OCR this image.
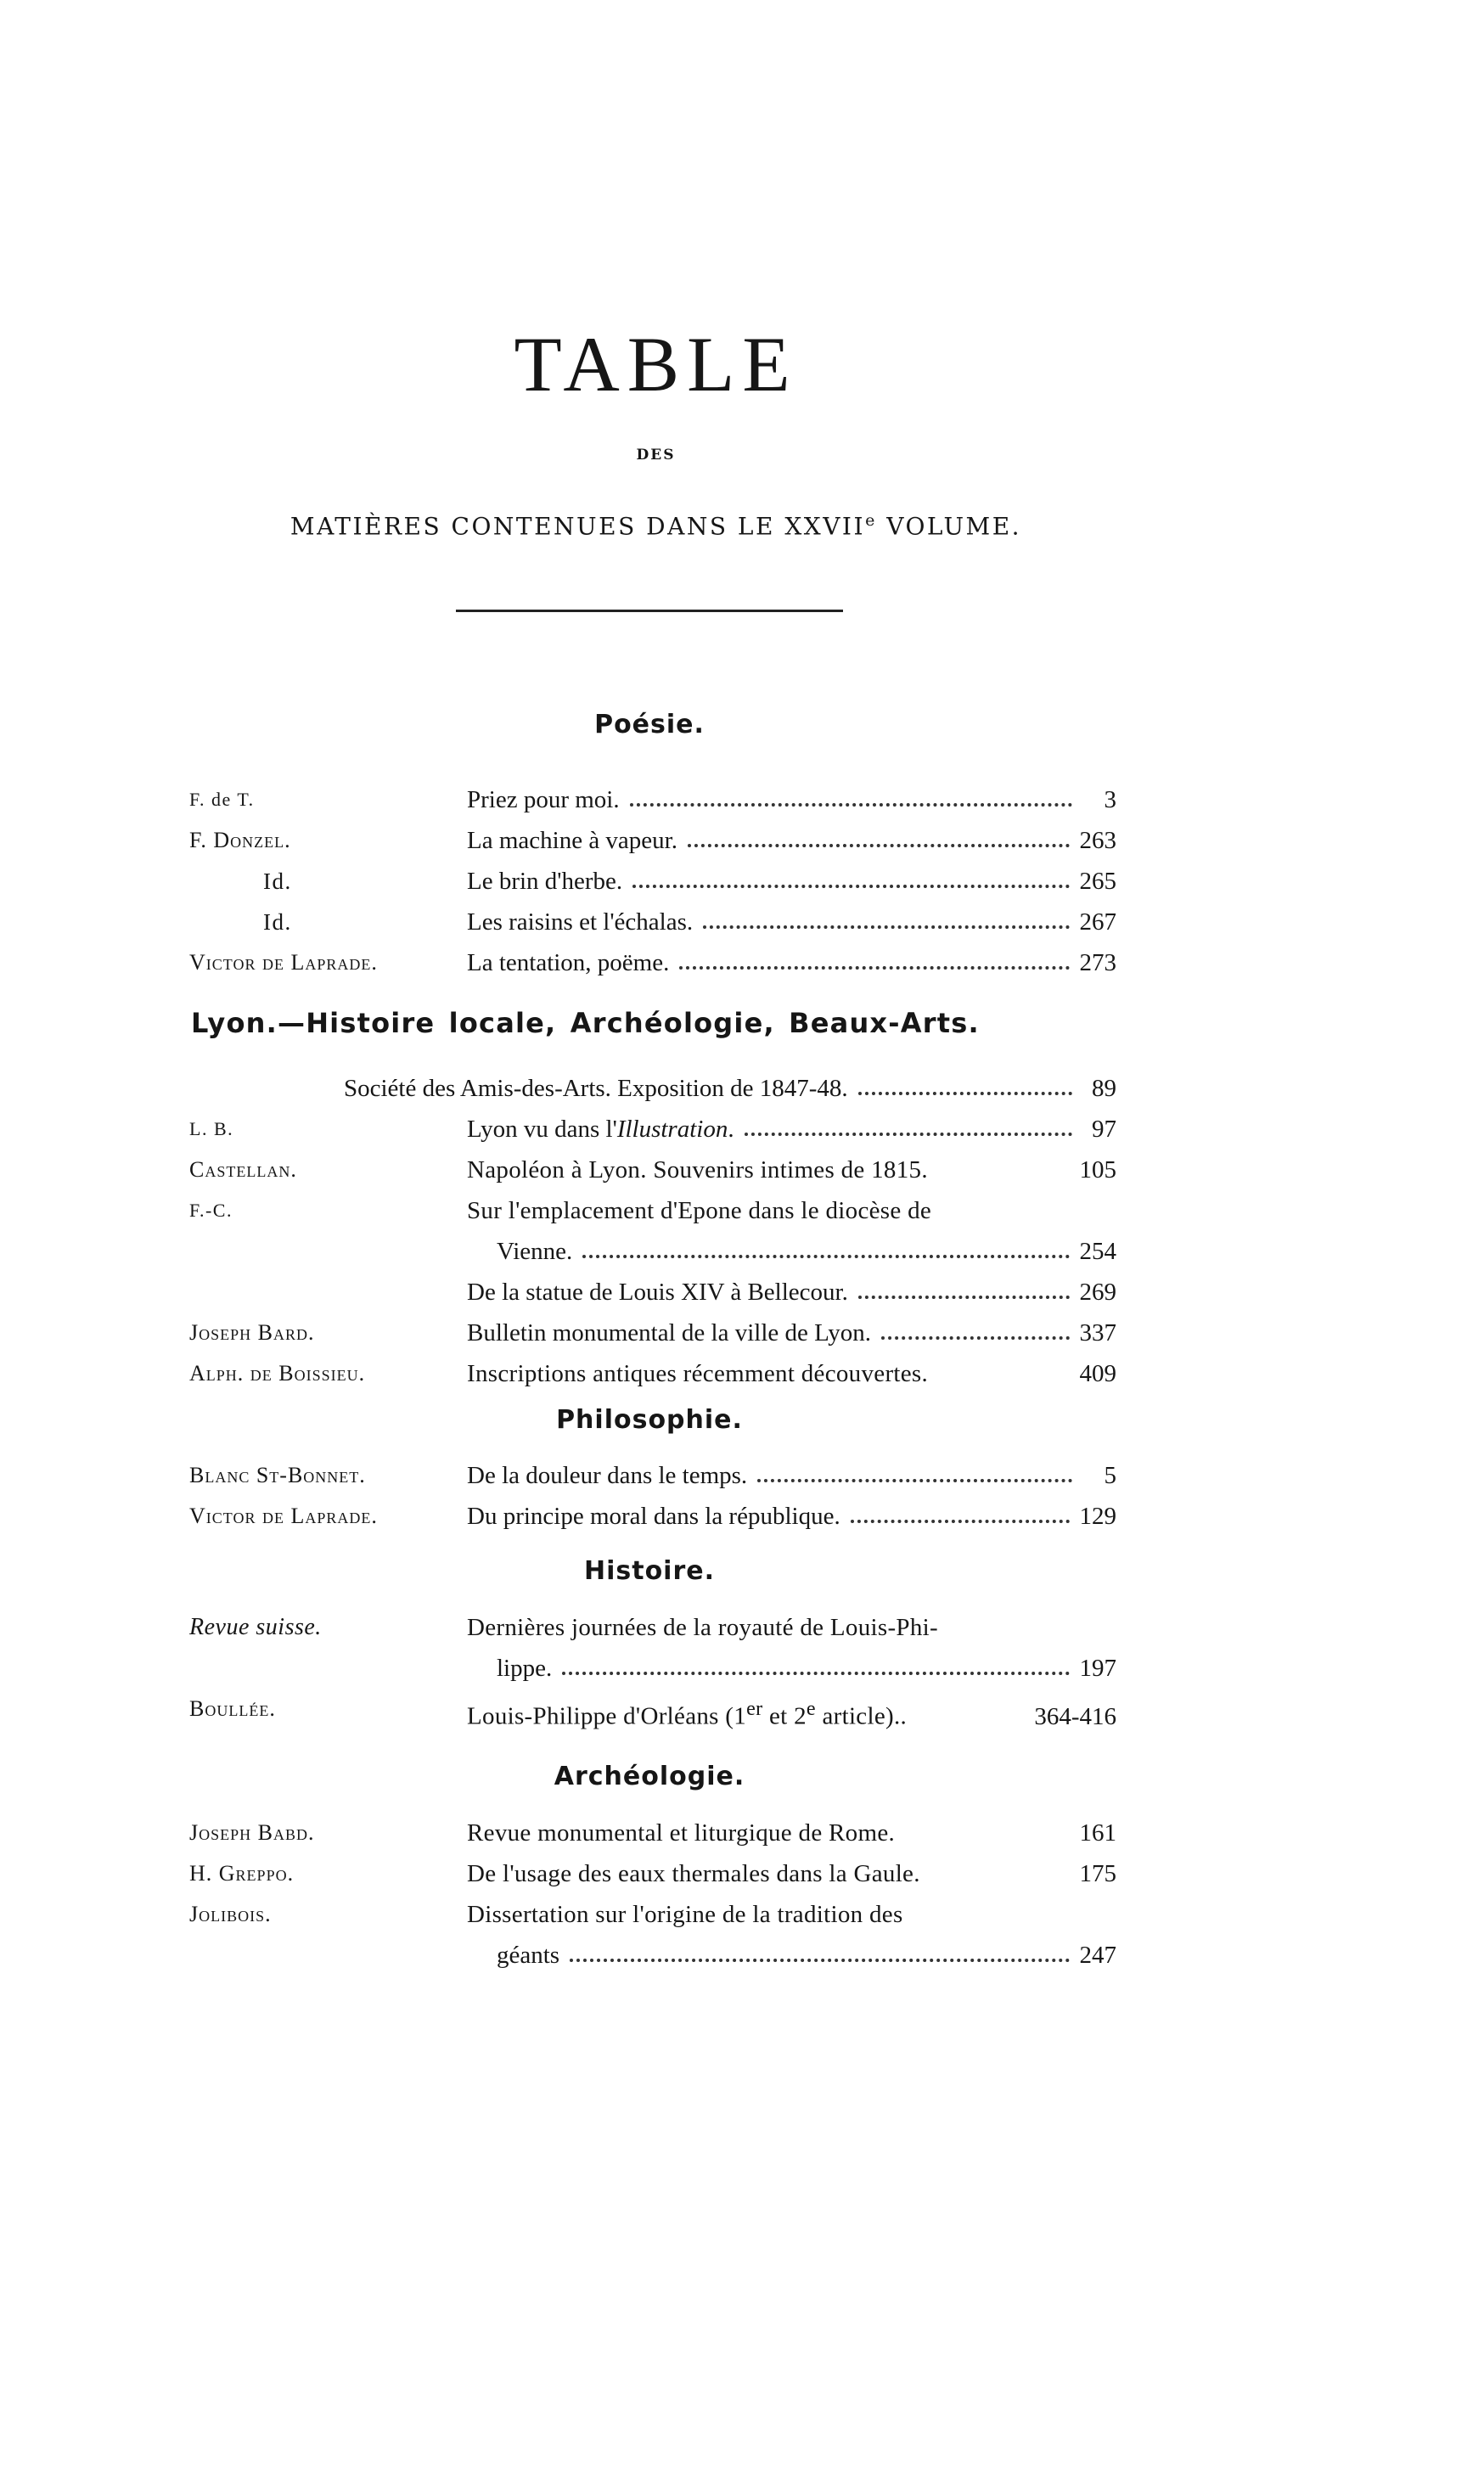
TABLE
DES
MATIÈRES CONTENUES DANS LE XXVIIe VOLUME.
Poésie.
F. de T.	Priez pour moi.	3
F. Donzel.	La machine à vapeur.	263
Id.	Le brin d'herbe.	265
Id.	Les raisins et l'échalas.	267
Victor de Laprade.	La tentation, poëme.	273
Lyon.—Histoire locale, Archéologie, Beaux-Arts.
Société des Amis-des-Arts. Exposition de 1847-48.	89
L. B.	Lyon vu dans l'Illustration.	97
Castellan.	Napoléon à Lyon. Souvenirs intimes de 1815.	105
F.-C.	Sur l'emplacement d'Epone dans le diocèse de
Vienne.	254
De la statue de Louis XIV à Bellecour.	269
Joseph Bard.	Bulletin monumental de la ville de Lyon.	337
Alph. de Boissieu.	Inscriptions antiques récemment découvertes.	409
Philosophie.
Blanc St-Bonnet.	De la douleur dans le temps.	5
Victor de Laprade.	Du principe moral dans la république.	129
Histoire.
Revue suisse.	Dernières journées de la royauté de Louis-Phi-
lippe.	197
Boullée.	Louis-Philippe d'Orléans (1er et 2e article)..	364-416
Archéologie.
Joseph Babd.	Revue monumental et liturgique de Rome.	161
H. Greppo.	De l'usage des eaux thermales dans la Gaule.	175
Jolibois.	Dissertation sur l'origine de la tradition des
géants	247
